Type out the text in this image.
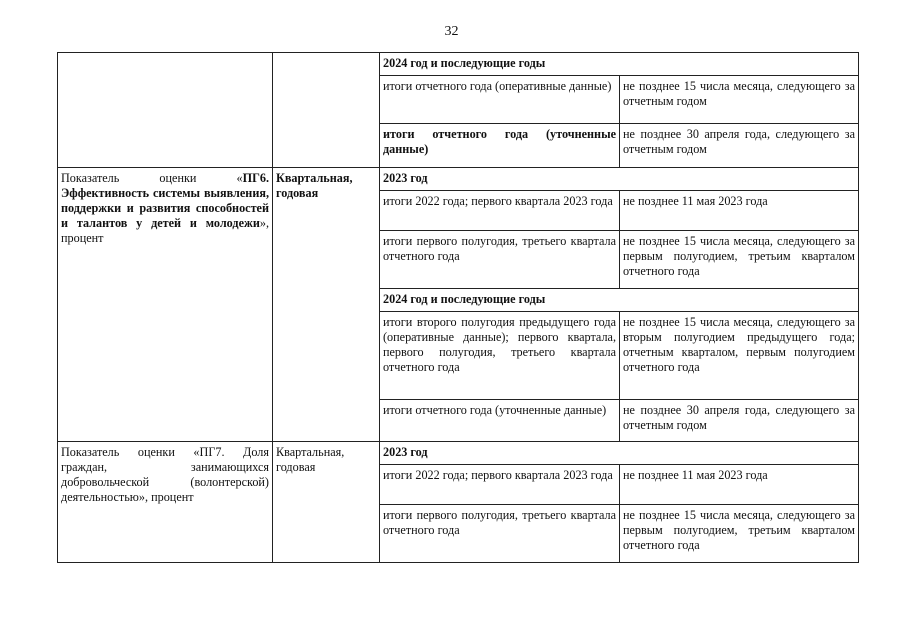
32
		2024 год и последующие годы	
		итоги отчетного года (оперативные данные)	не позднее 15 числа месяца, следующего за отчетным годом
		итоги отчетного года (уточненные данные)	не позднее 30 апреля года, следующего за отчетным годом
Показатель оценки «ПГ6. Эффективность системы выявления, поддержки и развития способностей и талантов у детей и молодежи», процент	Квартальная, годовая	2023 год	
		итоги 2022 года; первого квартала 2023 года	не позднее 11 мая 2023 года
		итоги первого полугодия, третьего квартала отчетного года	не позднее 15 числа месяца, следующего за первым полугодием, третьим кварталом отчетного года
		2024 год и последующие годы	
		итоги второго полугодия предыдущего года (оперативные данные); первого квартала, первого полугодия, третьего квартала отчетного года	не позднее 15 числа месяца, следующего за вторым полугодием предыдущего года; отчетным кварталом, первым полугодием отчетного года
		итоги отчетного года (уточненные данные)	не позднее 30 апреля года, следующего за отчетным годом
Показатель оценки «ПГ7. Доля граждан, занимающихся добровольческой (волонтерской) деятельностью», процент	Квартальная, годовая	2023 год	
		итоги 2022 года; первого квартала 2023 года	не позднее 11 мая 2023 года
		итоги первого полугодия, третьего квартала отчетного года	не позднее 15 числа месяца, следующего за первым полугодием, третьим кварталом отчетного года
